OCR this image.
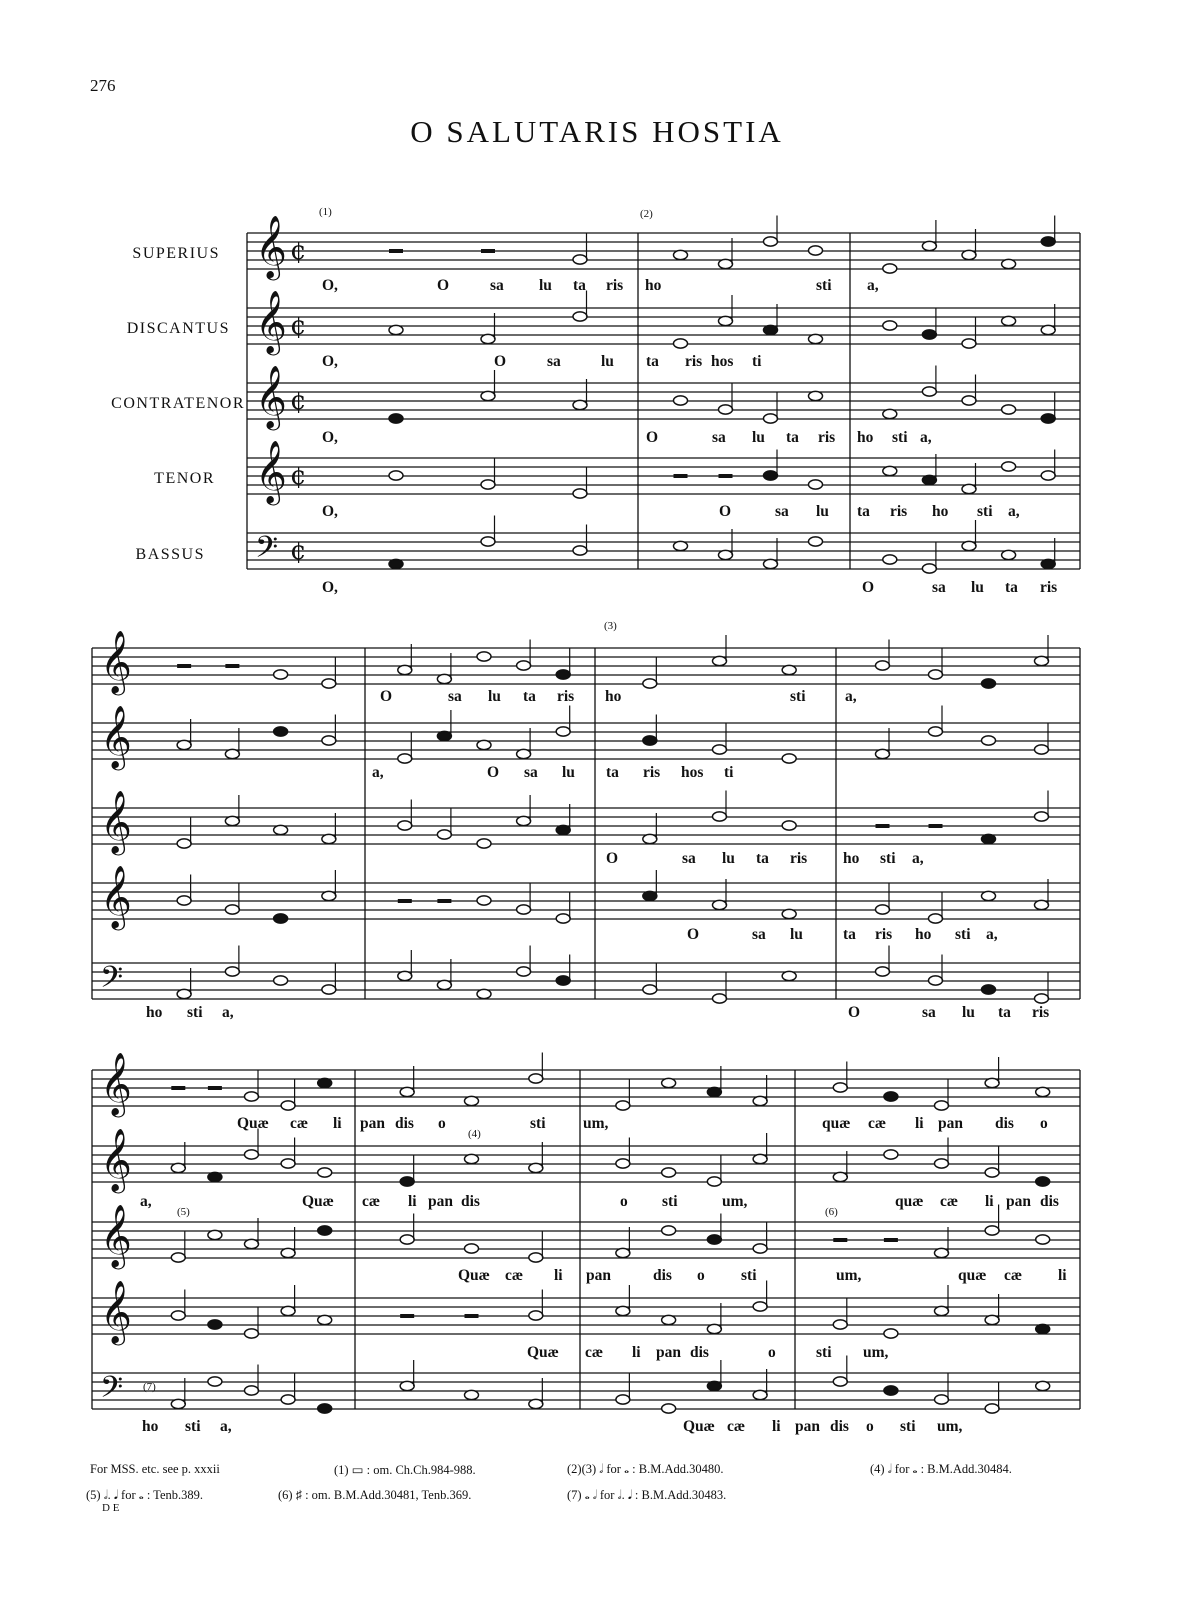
276
O SALUTARIS HOSTIA
SUPERIUS
DISCANTUS
CONTRATENOR
TENOR
BASSUS
𝄞 ¢
𝄞 ¢
𝄞 ¢
𝄞 ¢
𝄢 ¢
𝄞
𝄞
𝄞
𝄞
𝄢
𝄞
𝄞
𝄞
𝄞
𝄢
O,	O	sa lu ta ris ho	sti a,
O,	O	sa	lu ta ris hos ti
O,	O	sa lu ta ris ho sti a,
O,	O	sa lu ta ris ho sti a,
O,	O	sa lu ta ris
O	sa lu ta ris ho	sti	a,
a,	O sa lu ta ris hos ti
O	sa lu ta ris ho sti a,
O	sa lu	ta ris ho sti a,
ho sti a,	O	sa lu ta ris
Quæ cæ li pan dis o	sti um,	quæ cæ li pan dis o
a,	Quæ cæ li pan dis	o sti	um,	quæ cæ li pan dis
Quæ cæ li pan	dis o sti	um,	quæ cæ li
Quæ cæ li pan dis	o	sti um,
ho sti a,	Quæ cæ li pan dis o sti um,
(1)	(2)
(3)
(4)
(5)	(6)
(7)
For MSS. etc. see p. xxxii	(1) ▭ : om. Ch.Ch.984-988.	(2)(3) 𝅗𝅥 for 𝅝 : B.M.Add.30480.	(4) 𝅗𝅥 for 𝅝 : B.M.Add.30484.
(5) 𝅗𝅥. 𝅘𝅥 for 𝅝 : Tenb.389.	(6) ♯ : om. B.M.Add.30481, Tenb.369.	(7) 𝅝 𝅗𝅥 for 𝅗𝅥. 𝅘𝅥 : B.M.Add.30483.
D E
